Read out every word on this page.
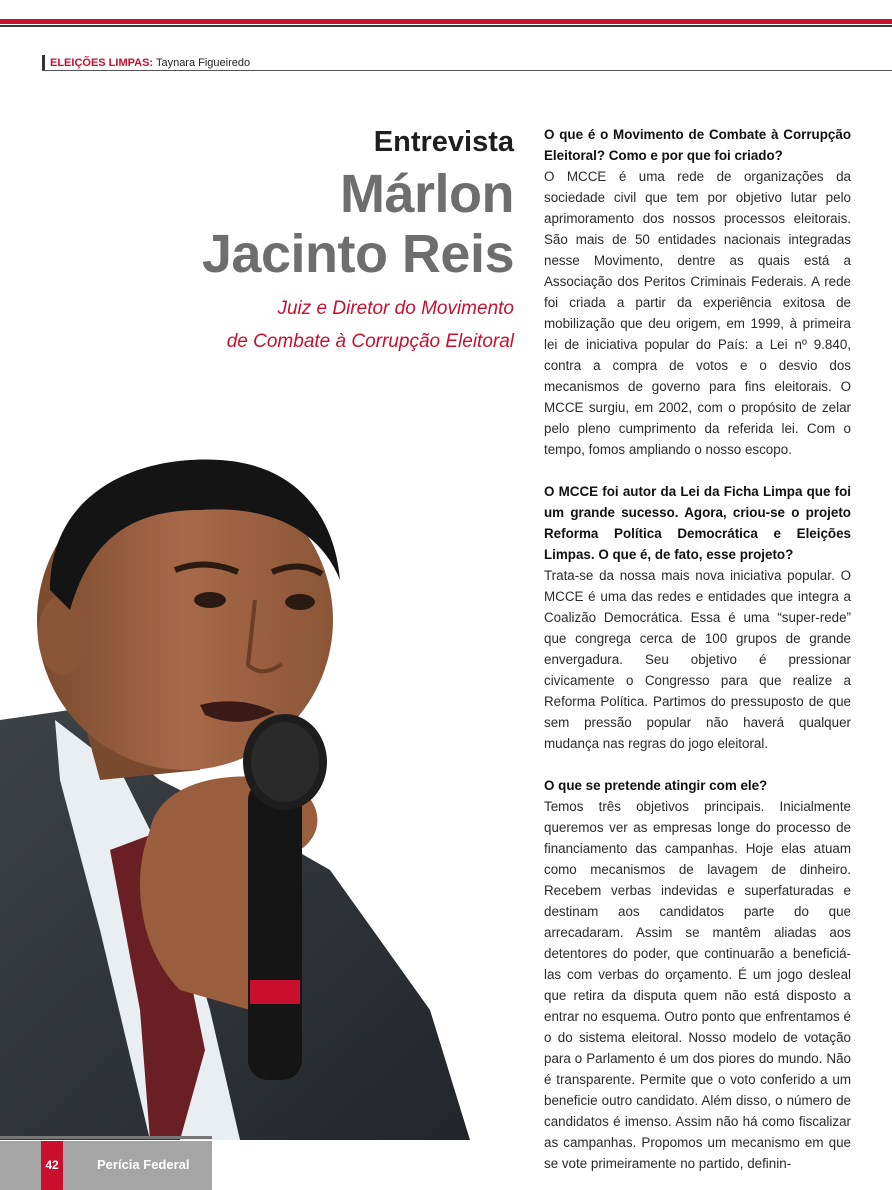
ELEIÇÕES LIMPAS: Taynara Figueiredo
Entrevista
Márlon
Jacinto Reis
Juiz e Diretor do Movimento
de Combate à Corrupção Eleitoral

O que é o Movimento de Combate à Corrupção Eleitoral? Como e por que foi criado?

O MCCE é uma rede de organizações da sociedade civil que tem por objetivo lutar pelo aprimoramento dos nossos processos eleitorais. São mais de 50 entidades nacionais integradas nesse Movimento, dentre as quais está a Associação dos Peritos Criminais Federais. A rede foi criada a partir da experiência exitosa de mobilização que deu origem, em 1999, à primeira lei de iniciativa popular do País: a Lei nº 9.840, contra a compra de votos e o desvio dos mecanismos de governo para fins eleitorais. O MCCE surgiu, em 2002, com o propósito de zelar pelo pleno cumprimento da referida lei. Com o tempo, fomos ampliando o nosso escopo.

O MCCE foi autor da Lei da Ficha Limpa que foi um grande sucesso. Agora, criou-se o projeto Reforma Política Democrática e Eleições Limpas. O que é, de fato, esse projeto?

Trata-se da nossa mais nova iniciativa popular. O MCCE é uma das redes e entidades que integra a Coalizão Democrática. Essa é uma “super-rede” que congrega cerca de 100 grupos de grande envergadura. Seu objetivo é pressionar civicamente o Congresso para que realize a Reforma Política. Partimos do pressuposto de que sem pressão popular não haverá qualquer mudança nas regras do jogo eleitoral.

O que se pretende atingir com ele?

Temos três objetivos principais. Inicialmente queremos ver as empresas longe do processo de financiamento das campanhas. Hoje elas atuam como mecanismos de lavagem de dinheiro. Recebem verbas indevidas e superfaturadas e destinam aos candidatos parte do que arrecadaram. Assim se mantêm aliadas aos detentores do poder, que continuarão a beneficiá-las com verbas do orçamento. É um jogo desleal que retira da disputa quem não está disposto a entrar no esquema. Outro ponto que enfrentamos é o do sistema eleitoral. Nosso modelo de votação para o Parlamento é um dos piores do mundo. Não é transparente. Permite que o voto conferido a um beneficie outro candidato. Além disso, o número de candidatos é imenso. Assim não há como fiscalizar as campanhas. Propomos um mecanismo em que se vote primeiramente no partido, definin-

42	Perícia Federal
